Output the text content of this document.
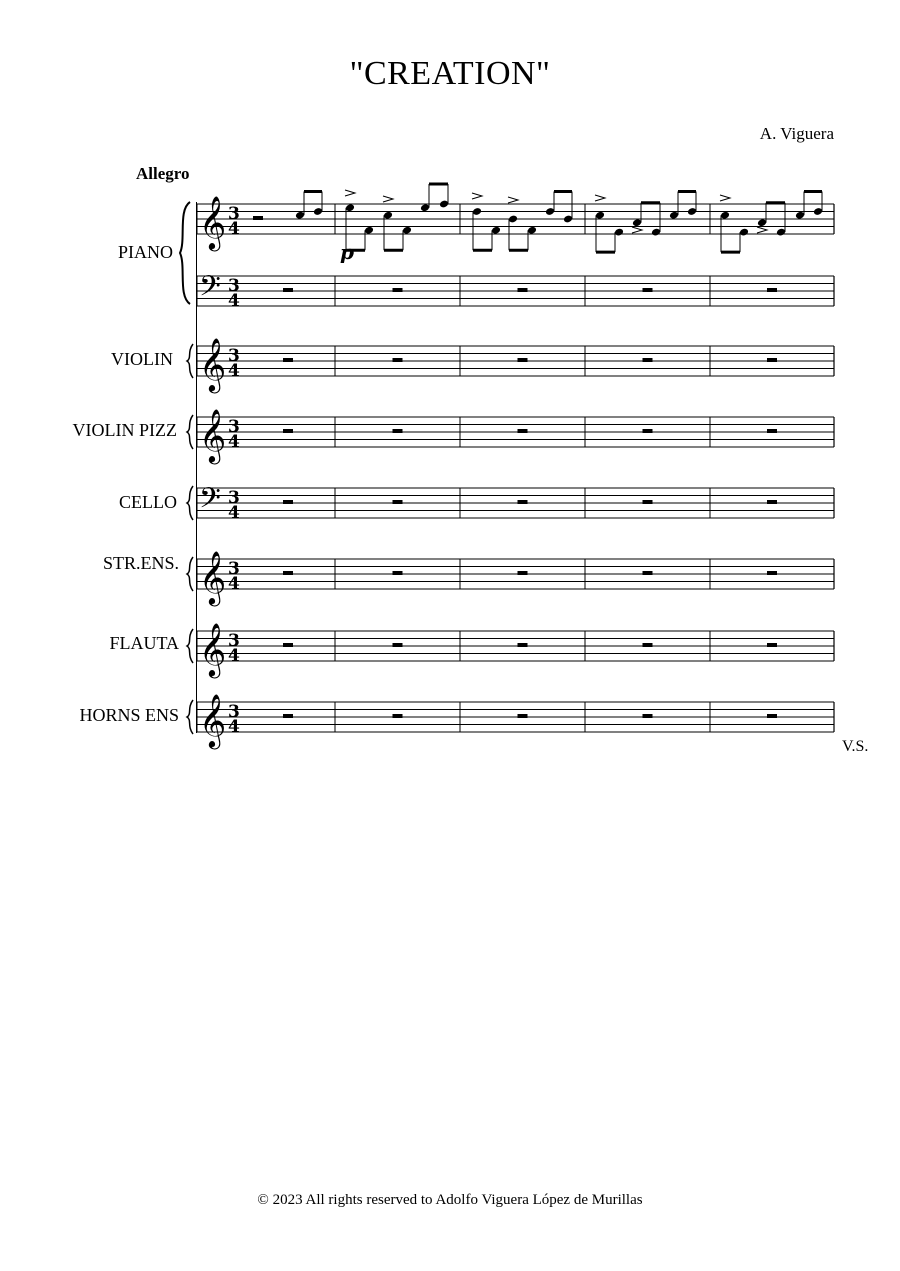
"CREATION"
A. Viguera
Allegro
PIANO
VIOLIN
VIOLIN PIZZ
CELLO
STR.ENS.
FLAUTA
HORNS ENS
V.S.
© 2023 All rights reserved to Adolfo Viguera López de Murillas
𝄞 3
4
𝄢 3
4
𝄞 3
4
𝄞 3
4
𝄢 3
4
𝄞 3
4
𝄞 3
4
𝄞 3
4
p
